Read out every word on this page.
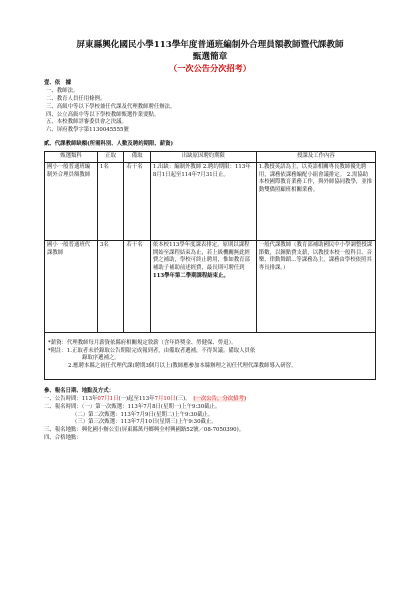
屏東縣興化國民小學113學年度普通班編制外合理員額教師暨代課教師
甄選簡章
（一次公告分次招考）
壹、依　據

一、教師法。

二、教育人員任用條例。

三、高級中等以下學校兼任代課及代理教師聘任辦法。

四、公立高級中等以下學校教師甄選作業要點。

五、本校教師評審委員會之決議。

六、屏府教學字第1130045555號

貳、代課教師缺額(所需科別、人數及聘約期限、薪資)
甄選類科	正取	備取	出缺原因聘約期限	授課及工作內容
國小一般普通班編制外合理員額教師	1名	若干名	1.出缺：編制外教師 2.聘約期限：113年8月1日起至114年7月31日止。	1.教授英語為主，以英語相關專長教師優先聘用，課務依課務編配小組會議排定。 2.需協助本校國際教育業務工作，與外師協同教學，並推動雙僑照顧班相關業務。
國小一般普通班代課教師	3名	若干名	依本校113學年度課表排定，原則以課程開始至課程結束為止，若上級機關無此經費之補助，學校可終止聘用，惟如教育部補助子補助前述經費，最長則可聘任到113學年第二學期課程結束止。	一般代課教師（教育部補助國民中小學調整授課節數，以鐘點費支薪，以教授本校一般科目、音樂、律動舞蹈...等課務為主，課務由學校依照其專長排課。）

*薪資：代理教師每月薪資依縣府相關規定敘薪（含年終獎金、勞健保、勞退）。

*附註：1.正取者未於錄取公告期限完成報到者，由備取者遞補，不得異議。備取人員依

錄取序遞補之。

2.應聘本縣之初任代理代課(聘期3個月以上)教師應參加本縣辦理之初任代理代課教師導入研習。				

參、報名日期、地點及方式：

一、公告時間：113年07月1日(一)起至113年7月10日(三)。　 (一次公告，分次招考)

二、報名時間：（一）第一次甄選：113年7月8日(星期一)上午9:30截止。

（二）第二次甄選：113年7月9日(星期二)上午9:30截止。

（三）第三次甄選：113年7月10日(星期三)上午9:30截止。

三、報名地點：興化國小辦公室(屏東縣萬丹鄉興全村興國路52號／08-7050390)。

四、合格地點：
